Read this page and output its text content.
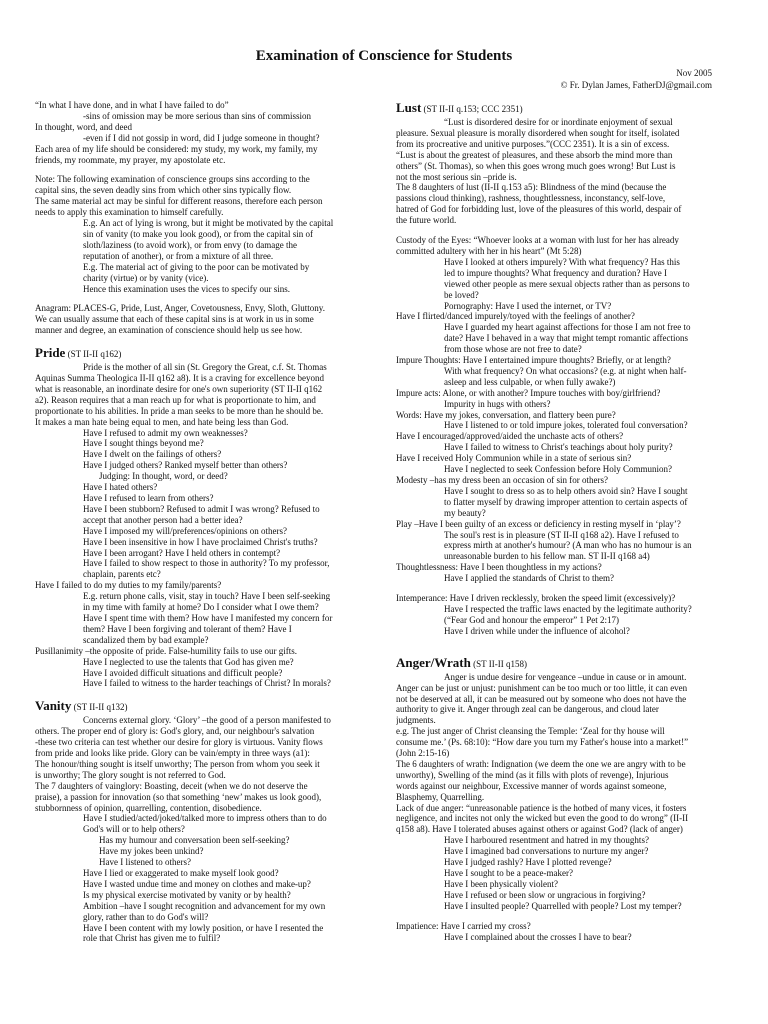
Examination of Conscience for Students
Nov 2005
© Fr. Dylan James, FatherDJ@gmail.com
“In what I have done, and in what I have failed to do”
-sins of omission may be more serious than sins of commission
In thought, word, and deed
-even if I did not gossip in word, did I judge someone in thought?
Each area of my life should be considered: my study, my work, my family, my
friends, my roommate, my prayer, my apostolate etc.
Note: The following examination of conscience groups sins according to the
capital sins, the seven deadly sins from which other sins typically flow.
The same material act may be sinful for different reasons, therefore each person
needs to apply this examination to himself carefully.
E.g. An act of lying is wrong, but it might be motivated by the capital
sin of vanity (to make you look good), or from the capital sin of
sloth/laziness (to avoid work), or from envy (to damage the
reputation of another), or from a mixture of all three.
E.g. The material act of giving to the poor can be motivated by
charity (virtue) or by vanity (vice).
Hence this examination uses the vices to specify our sins.
Anagram: PLACES-G, Pride, Lust, Anger, Covetousness, Envy, Sloth, Gluttony.
We can usually assume that each of these capital sins is at work in us in some
manner and degree, an examination of conscience should help us see how.
Pride (ST II-II q162)
Pride is the mother of all sin (St. Gregory the Great, c.f. St. Thomas
Aquinas Summa Theologica II-II q162 a8). It is a craving for excellence beyond
what is reasonable, an inordinate desire for one's own superiority (ST II-II q162
a2). Reason requires that a man reach up for what is proportionate to him, and
proportionate to his abilities. In pride a man seeks to be more than he should be.
It makes a man hate being equal to men, and hate being less than God.
Have I refused to admit my own weaknesses?
Have I sought things beyond me?
Have I dwelt on the failings of others?
Have I judged others? Ranked myself better than others?
Judging: In thought, word, or deed?
Have I hated others?
Have I refused to learn from others?
Have I been stubborn? Refused to admit I was wrong? Refused to
accept that another person had a better idea?
Have I imposed my will/preferences/opinions on others?
Have I been insensitive in how I have proclaimed Christ's truths?
Have I been arrogant? Have I held others in contempt?
Have I failed to show respect to those in authority? To my professor,
chaplain, parents etc?
Have I failed to do my duties to my family/parents?
E.g. return phone calls, visit, stay in touch? Have I been self-seeking
in my time with family at home? Do I consider what I owe them?
Have I spent time with them? How have I manifested my concern for
them? Have I been forgiving and tolerant of them? Have I
scandalized them by bad example?
Pusillanimity –the opposite of pride. False-humility fails to use our gifts.
Have I neglected to use the talents that God has given me?
Have I avoided difficult situations and difficult people?
Have I failed to witness to the harder teachings of Christ? In morals?
Vanity (ST II-II q132)
Concerns external glory. ‘Glory’ –the good of a person manifested to
others. The proper end of glory is: God's glory, and, our neighbour's salvation
-these two criteria can test whether our desire for glory is virtuous. Vanity flows
from pride and looks like pride. Glory can be vain/empty in three ways (a1):
The honour/thing sought is itself unworthy; The person from whom you seek it
is unworthy; The glory sought is not referred to God.
The 7 daughters of vainglory: Boasting, deceit (when we do not deserve the
praise), a passion for innovation (so that something ‘new’ makes us look good),
stubbornness of opinion, quarrelling, contention, disobedience.
Have I studied/acted/joked/talked more to impress others than to do
God's will or to help others?
Has my humour and conversation been self-seeking?
Have my jokes been unkind?
Have I listened to others?
Have I lied or exaggerated to make myself look good?
Have I wasted undue time and money on clothes and make-up?
Is my physical exercise motivated by vanity or by health?
Ambition –have I sought recognition and advancement for my own
glory, rather than to do God's will?
Have I been content with my lowly position, or have I resented the
role that Christ has given me to fulfil?
Lust (ST II-II q.153; CCC 2351)
“Lust is disordered desire for or inordinate enjoyment of sexual
pleasure. Sexual pleasure is morally disordered when sought for itself, isolated
from its procreative and unitive purposes.”(CCC 2351). It is a sin of excess.
“Lust is about the greatest of pleasures, and these absorb the mind more than
others” (St. Thomas), so when this goes wrong much goes wrong! But Lust is
not the most serious sin –pride is.
The 8 daughters of lust (II-II q.153 a5): Blindness of the mind (because the
passions cloud thinking), rashness, thoughtlessness, inconstancy, self-love,
hatred of God for forbidding lust, love of the pleasures of this world, despair of
the future world.
Custody of the Eyes: “Whoever looks at a woman with lust for her has already
committed adultery with her in his heart” (Mt 5:28)
Have I looked at others impurely? With what frequency? Has this
led to impure thoughts? What frequency and duration? Have I
viewed other people as mere sexual objects rather than as persons to
be loved?
Pornography: Have I used the internet, or TV?
Have I flirted/danced impurely/toyed with the feelings of another?
Have I guarded my heart against affections for those I am not free to
date? Have I behaved in a way that might tempt romantic affections
from those whose are not free to date?
Impure Thoughts: Have I entertained impure thoughts? Briefly, or at length?
With what frequency? On what occasions? (e.g. at night when half-
asleep and less culpable, or when fully awake?)
Impure acts: Alone, or with another? Impure touches with boy/girlfriend?
Impurity in hugs with others?
Words: Have my jokes, conversation, and flattery been pure?
Have I listened to or told impure jokes, tolerated foul conversation?
Have I encouraged/approved/aided the unchaste acts of others?
Have I failed to witness to Christ's teachings about holy purity?
Have I received Holy Communion while in a state of serious sin?
Have I neglected to seek Confession before Holy Communion?
Modesty –has my dress been an occasion of sin for others?
Have I sought to dress so as to help others avoid sin? Have I sought
to flatter myself by drawing improper attention to certain aspects of
my beauty?
Play –Have I been guilty of an excess or deficiency in resting myself in ‘play’?
The soul's rest is in pleasure (ST II-II q168 a2). Have I refused to
express mirth at another's humour? (A man who has no humour is an
unreasonable burden to his fellow man. ST II-II q168 a4)
Thoughtlessness: Have I been thoughtless in my actions?
Have I applied the standards of Christ to them?
Intemperance: Have I driven recklessly, broken the speed limit (excessively)?
Have I respected the traffic laws enacted by the legitimate authority?
(“Fear God and honour the emperor” 1 Pet 2:17)
Have I driven while under the influence of alcohol?
Anger/Wrath (ST II-II q158)
Anger is undue desire for vengeance –undue in cause or in amount.
Anger can be just or unjust: punishment can be too much or too little, it can even
not be deserved at all, it can be measured out by someone who does not have the
authority to give it. Anger through zeal can be dangerous, and cloud later
judgments.
e.g. The just anger of Christ cleansing the Temple: ‘Zeal for thy house will
consume me.’ (Ps. 68:10): “How dare you turn my Father's house into a market!”
(John 2:15-16)
The 6 daughters of wrath: Indignation (we deem the one we are angry with to be
unworthy), Swelling of the mind (as it fills with plots of revenge), Injurious
words against our neighbour, Excessive manner of words against someone,
Blasphemy, Quarrelling.
Lack of due anger: “unreasonable patience is the hotbed of many vices, it fosters
negligence, and incites not only the wicked but even the good to do wrong” (II-II
q158 a8). Have I tolerated abuses against others or against God? (lack of anger)
Have I harboured resentment and hatred in my thoughts?
Have I imagined bad conversations to nurture my anger?
Have I judged rashly? Have I plotted revenge?
Have I sought to be a peace-maker?
Have I been physically violent?
Have I refused or been slow or ungracious in forgiving?
Have I insulted people? Quarrelled with people? Lost my temper?
Impatience: Have I carried my cross?
Have I complained about the crosses I have to bear?
